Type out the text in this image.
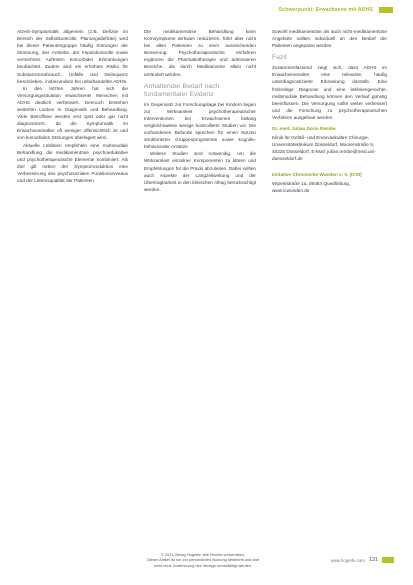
Schwerpunkt: Erwachsene mit ADHS

ADHS-Symptomatik allgemein (z.B. Defizite im Bereich der Selbstkontrolle, Planungsdefizite) wird bei dieser Patientengruppe häufig Störungen der Stimmung, des Antriebs, der Impulskontrolle sowie vermehrtes Auftreten komorbider Erkrankungen beobachtet. Zudem wird ein erhöhtes Risiko für Substanzmissbrauch, Unfälle und Delinquenz beschrieben, insbesondere bei unbehandelter ADHS.

In den letzten Jahren hat sich die Versorgungssituation erwachsener Menschen mit ADHS deutlich verbessert. Dennoch bestehen weiterhin Lücken in Diagnostik und Behandlung. Viele Betroffene werden erst spät oder gar nicht diagnostiziert, da die Symptomatik im Erwachsenenalter oft weniger offensichtlich ist und von komorbiden Störungen überlagert wird.

Aktuelle Leitlinien empfehlen eine multimodale Behandlung, die medikamentöse, psychoedukative und psychotherapeutische Elemente kombiniert. Als Ziel gilt neben der Symptomreduktion eine Verbesserung des psychosozialen Funktionsniveaus und der Lebensqualität der Patienten.

Die medikamentöse Behandlung kann Kernsymptome wirksam reduzieren, führt aber nicht bei allen Patienten zu einer ausreichenden Besserung. Psychotherapeutische Verfahren ergänzen die Pharmakotherapie und adressieren Bereiche, die durch Medikamente allein nicht verändert werden.

Anhaltender Bedarf nach fundamentaler Evidenz

Im Gegensatz zur Forschungslage bei Kindern liegen zur Wirksamkeit psychotherapeutischer Interventionen bei Erwachsenen bislang vergleichsweise wenige kontrollierte Studien vor. Die vorhandenen Befunde sprechen für einen Nutzen strukturierter Gruppenprogramme sowie kognitiv-behavioraler Ansätze.

Weitere Studien sind notwendig, um die Wirksamkeit einzelner Komponenten zu klären und Empfehlungen für die Praxis abzuleiten. Dabei sollten auch Aspekte der Langzeitwirkung und der Übertragbarkeit in den klinischen Alltag berücksichtigt werden.

Sowohl medikamentöse als auch nicht-medikamentöse Angebote sollten individuell an den Bedarf der Patienten angepasst werden.

Fazit

Zusammenfassend zeigt sich, dass ADHS im Erwachsenenalter eine relevante, häufig unterdiagnostizierte Erkrankung darstellt. Eine frühzeitige Diagnose und eine leitliniengerechte, multimodale Behandlung können den Verlauf günstig beeinflussen. Die Versorgung sollte weiter verbessert und die Forschung zu psychotherapeutischen Verfahren ausgebaut werden.

Dr. med. Julian Dario Rembe

Klinik für Gefäß- und Endovaskuläre Chirurgie, Universitätsklinikum Düsseldorf, Moorenstraße 5, 40225 Düsseldorf, E-Mail: julian.rembe@med.uni-duesseldorf.de

Initiative Chronische Wunden e. V. (ICW)

Wipertistraße 1a, 06484 Quedlinburg, www.icwunden.de

© 2021 Verlag Hogrefe: Alle Rechte vorbehalten.

Dieser Artikel ist nur zur persönlichen Nutzung bestimmt und darf nicht ohne Zustimmung des Verlags vervielfältigt werden.

www.hogrefe.com 131
